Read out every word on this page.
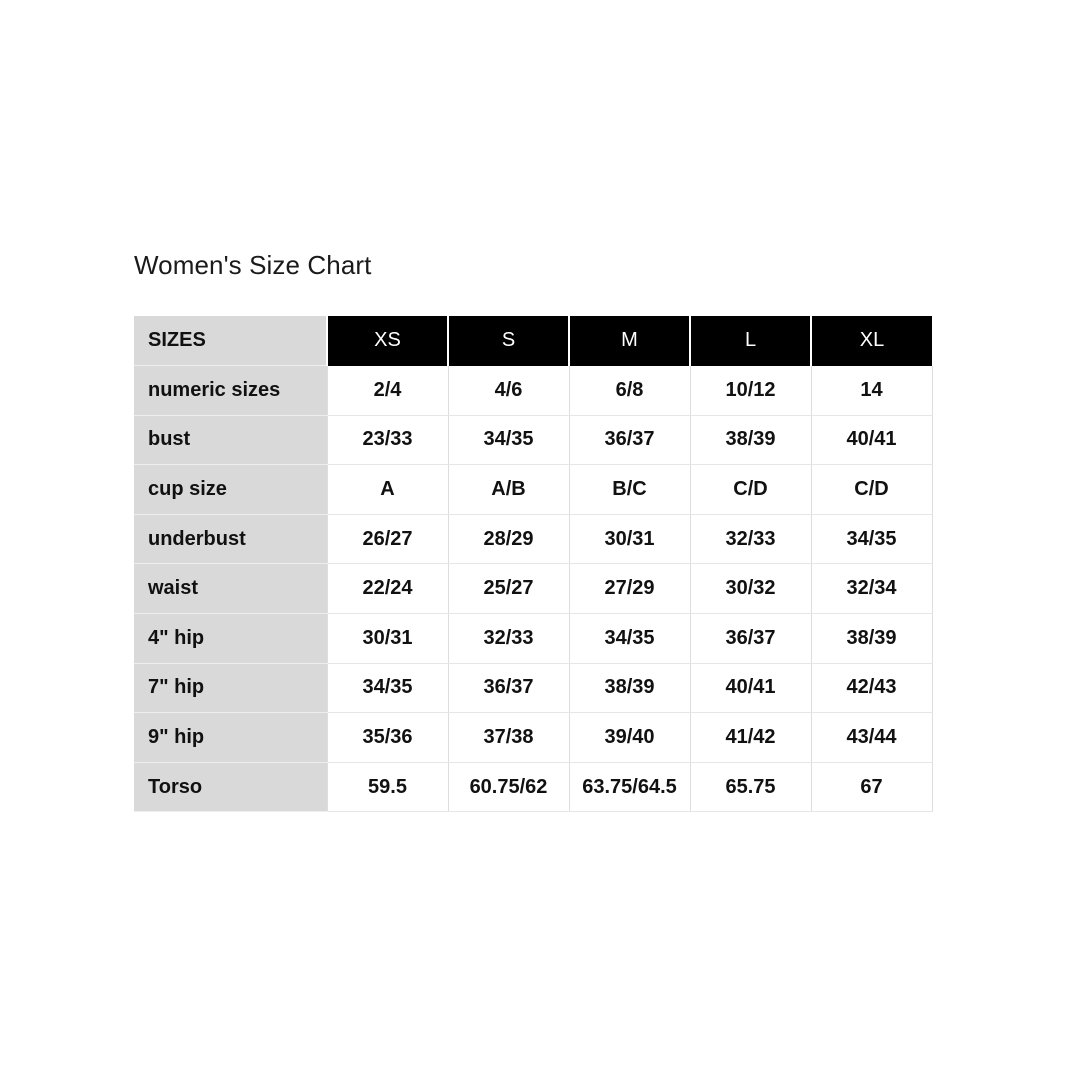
Women's Size Chart
SIZES	XS	S	M	L	XL
numeric sizes	2/4	4/6	6/8	10/12	14
bust	23/33	34/35	36/37	38/39	40/41
cup size	A	A/B	B/C	C/D	C/D
underbust	26/27	28/29	30/31	32/33	34/35
waist	22/24	25/27	27/29	30/32	32/34
4" hip	30/31	32/33	34/35	36/37	38/39
7" hip	34/35	36/37	38/39	40/41	42/43
9" hip	35/36	37/38	39/40	41/42	43/44
Torso	59.5	60.75/62	63.75/64.5	65.75	67
